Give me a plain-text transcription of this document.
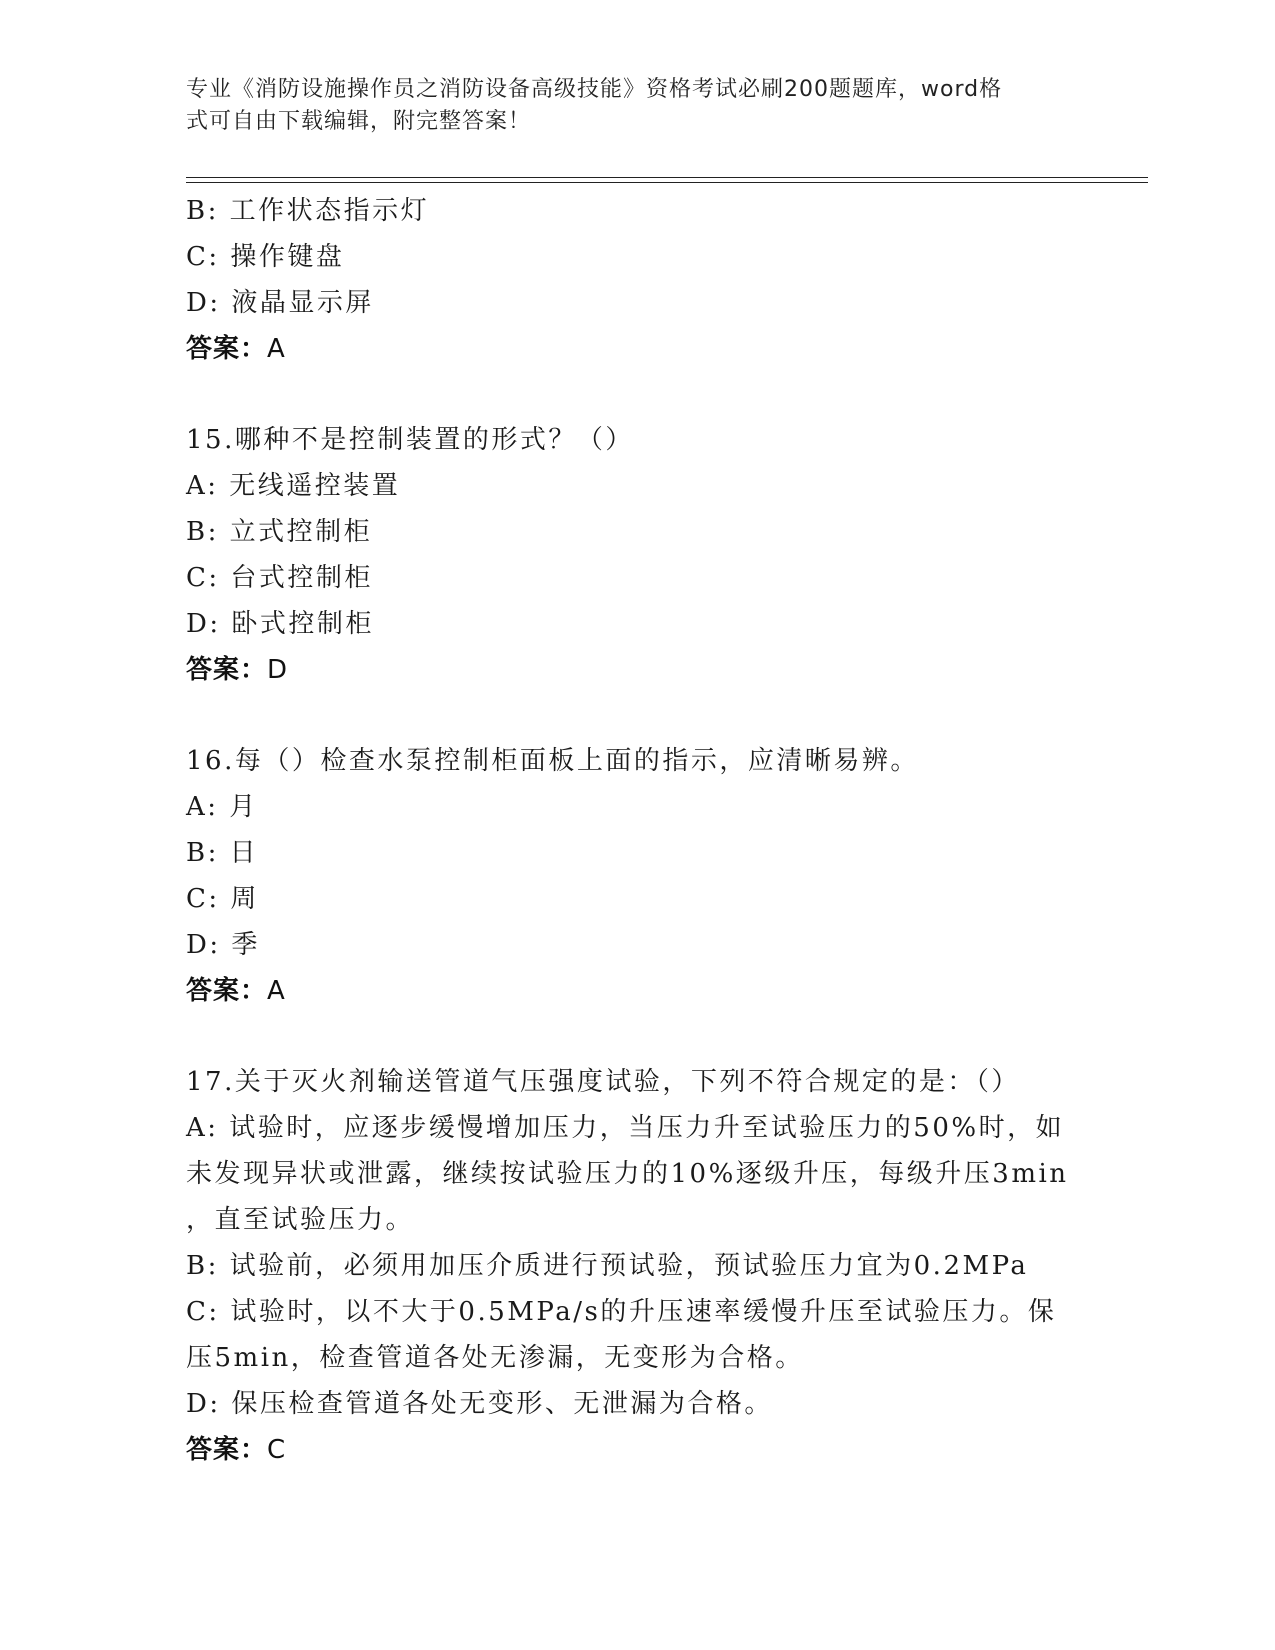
专业《消防设施操作员之消防设备高级技能》资格考试必刷200题题库，word格
式可自由下载编辑，附完整答案！
B: 工作状态指示灯
C: 操作键盘
D: 液晶显示屏
答案：A
15.哪种不是控制装置的形式？（）
A: 无线遥控装置
B: 立式控制柜
C: 台式控制柜
D: 卧式控制柜
答案：D
16.每（）检查水泵控制柜面板上面的指示，应清晰易辨。
A: 月
B: 日
C: 周
D: 季
答案：A
17.关于灭火剂输送管道气压强度试验，下列不符合规定的是：（）
A: 试验时，应逐步缓慢增加压力，当压力升至试验压力的50%时，如
未发现异状或泄露，继续按试验压力的10%逐级升压，每级升压3min
，直至试验压力。
B: 试验前，必须用加压介质进行预试验，预试验压力宜为0.2MPa
C: 试验时，以不大于0.5MPa/s的升压速率缓慢升压至试验压力。保
压5min，检查管道各处无渗漏，无变形为合格。
D: 保压检查管道各处无变形、无泄漏为合格。
答案：C
